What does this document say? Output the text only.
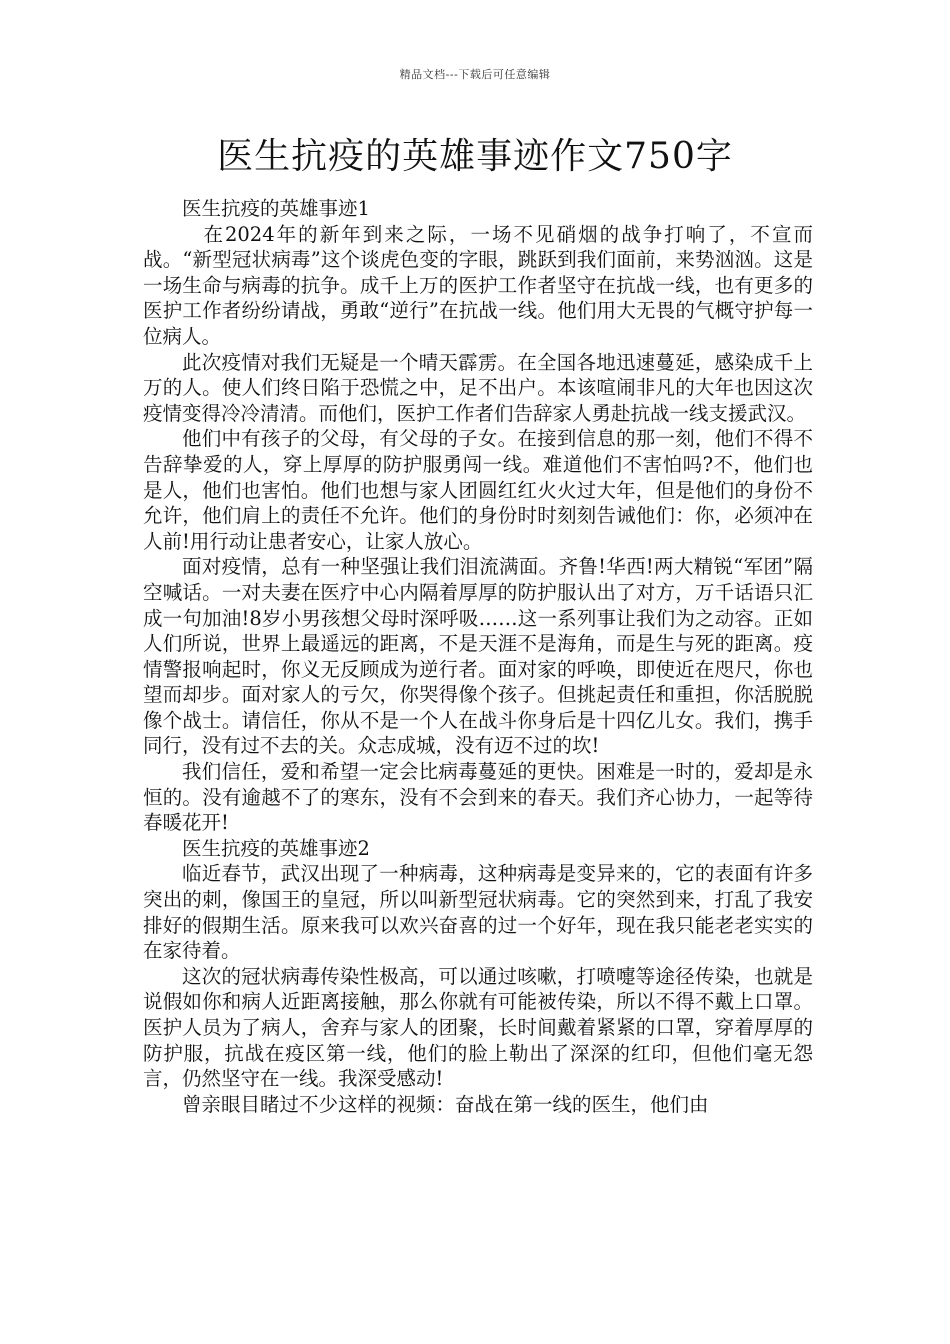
精品文档---下载后可任意编辑
医生抗疫的英雄事迹作文750字

医生抗疫的英雄事迹1

在2024年的新年到来之际，一场不见硝烟的战争打响了，不宣而战。“新型冠状病毒”这个谈虎色变的字眼，跳跃到我们面前，来势汹汹。这是一场生命与病毒的抗争。成千上万的医护工作者坚守在抗战一线，也有更多的医护工作者纷纷请战，勇敢“逆行”在抗战一线。他们用大无畏的气概守护每一位病人。

此次疫情对我们无疑是一个晴天霹雳。在全国各地迅速蔓延，感染成千上万的人。使人们终日陷于恐慌之中，足不出户。本该喧闹非凡的大年也因这次疫情变得冷冷清清。而他们，医护工作者们告辞家人勇赴抗战一线支援武汉。

他们中有孩子的父母，有父母的子女。在接到信息的那一刻，他们不得不告辞挚爱的人，穿上厚厚的防护服勇闯一线。难道他们不害怕吗?不，他们也是人，他们也害怕。他们也想与家人团圆红红火火过大年，但是他们的身份不允许，他们肩上的责任不允许。他们的身份时时刻刻告诫他们：你，必须冲在人前!用行动让患者安心，让家人放心。

面对疫情，总有一种坚强让我们泪流满面。齐鲁!华西!两大精锐“军团”隔空喊话。一对夫妻在医疗中心内隔着厚厚的防护服认出了对方，万千话语只汇成一句加油!8岁小男孩想父母时深呼吸……这一系列事让我们为之动容。正如人们所说，世界上最遥远的距离，不是天涯不是海角，而是生与死的距离。疫情警报响起时，你义无反顾成为逆行者。面对家的呼唤，即使近在咫尺，你也望而却步。面对家人的亏欠，你哭得像个孩子。但挑起责任和重担，你活脱脱像个战士。请信任，你从不是一个人在战斗你身后是十四亿儿女。我们，携手同行，没有过不去的关。众志成城，没有迈不过的坎!

我们信任，爱和希望一定会比病毒蔓延的更快。困难是一时的，爱却是永恒的。没有逾越不了的寒东，没有不会到来的春天。我们齐心协力，一起等待春暖花开!

医生抗疫的英雄事迹2

临近春节，武汉出现了一种病毒，这种病毒是变异来的，它的表面有许多突出的刺，像国王的皇冠，所以叫新型冠状病毒。它的突然到来，打乱了我安排好的假期生活。原来我可以欢兴奋喜的过一个好年，现在我只能老老实实的在家待着。

这次的冠状病毒传染性极高，可以通过咳嗽，打喷嚏等途径传染，也就是说假如你和病人近距离接触，那么你就有可能被传染，所以不得不戴上口罩。医护人员为了病人，舍弃与家人的团聚，长时间戴着紧紧的口罩，穿着厚厚的防护服，抗战在疫区第一线，他们的脸上勒出了深深的红印，但他们毫无怨言，仍然坚守在一线。我深受感动!

曾亲眼目睹过不少这样的视频：奋战在第一线的医生，他们由
